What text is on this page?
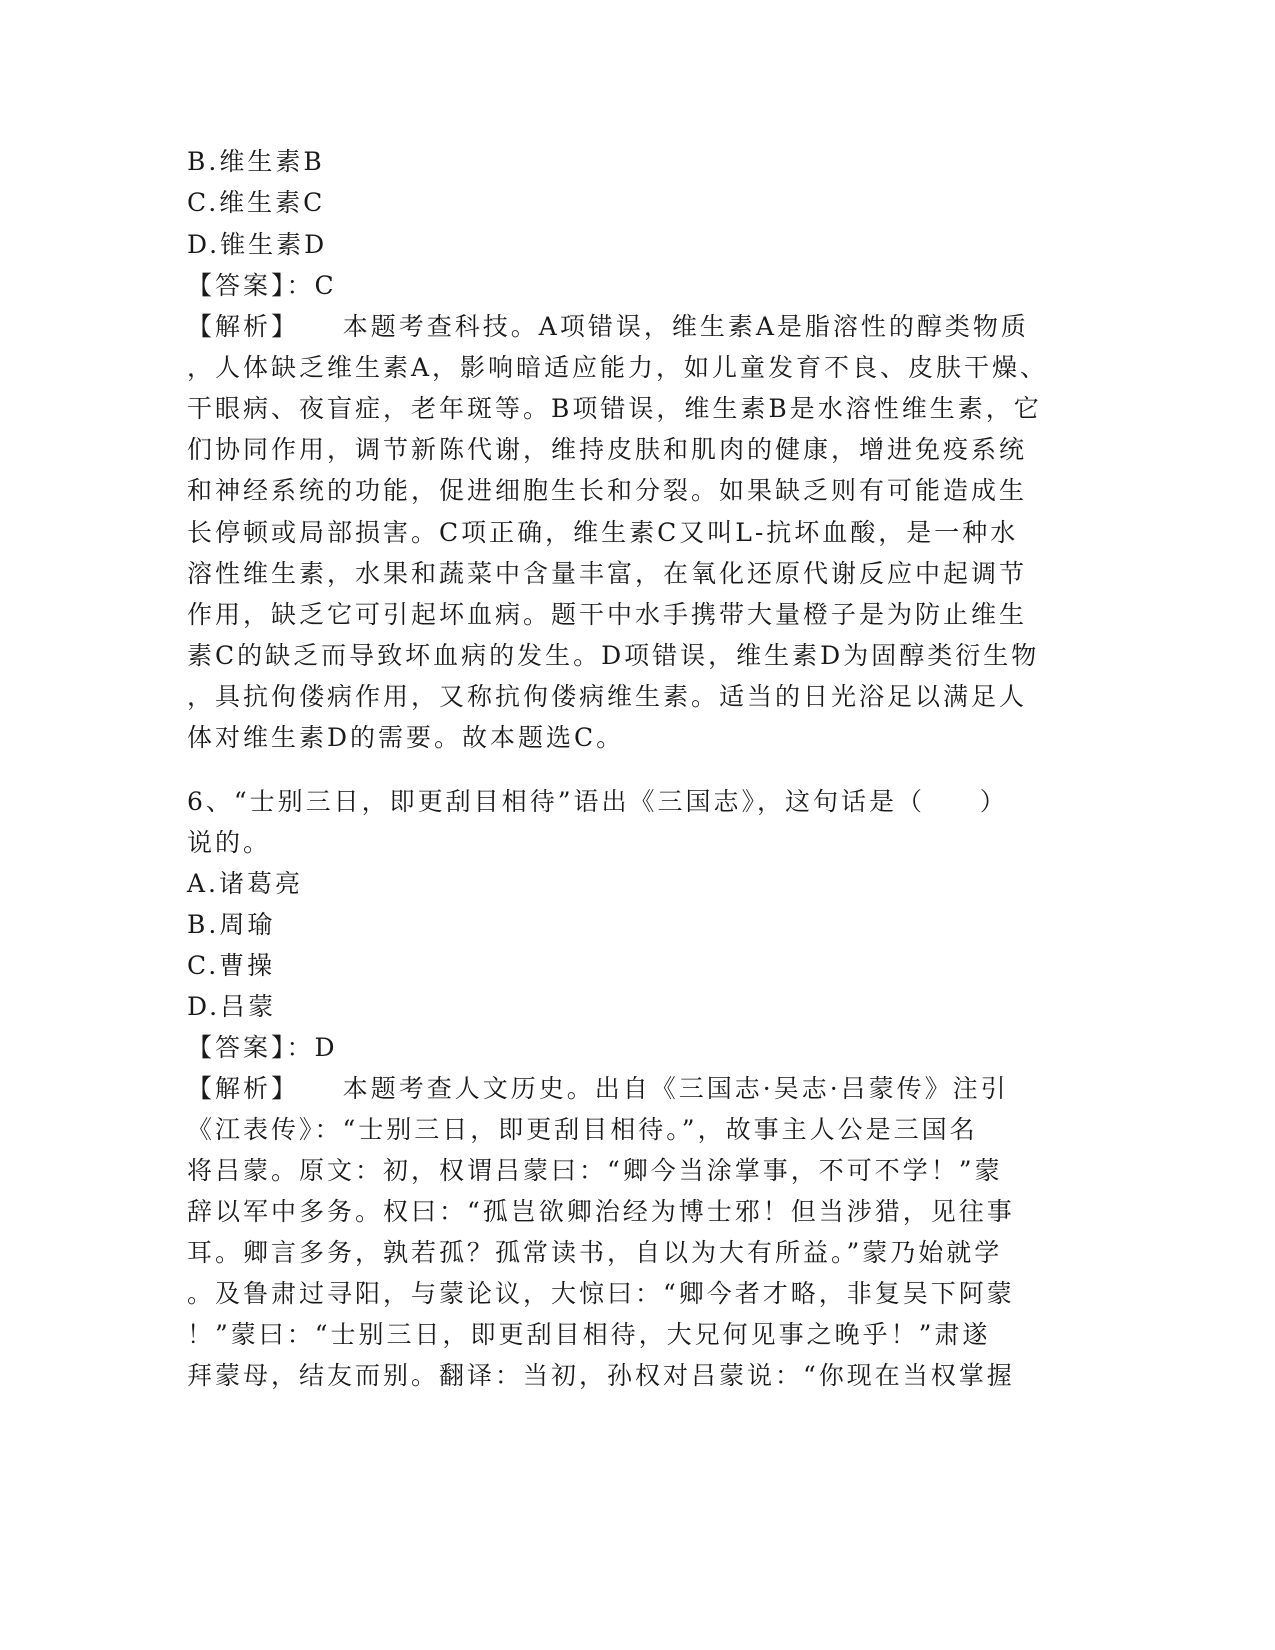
B.维生素B
C.维生素C
D.锥生素D
【答案】：C
【解析】    本题考查科技。A项错误，维生素A是脂溶性的醇类物质
，人体缺乏维生素A，影响暗适应能力，如儿童发育不良、皮肤干燥、
干眼病、夜盲症，老年斑等。B项错误，维生素B是水溶性维生素，它
们协同作用，调节新陈代谢，维持皮肤和肌肉的健康，增进免疫系统
和神经系统的功能，促进细胞生长和分裂。如果缺乏则有可能造成生
长停顿或局部损害。C项正确，维生素C又叫L-抗坏血酸，是一种水
溶性维生素，水果和蔬菜中含量丰富，在氧化还原代谢反应中起调节
作用，缺乏它可引起坏血病。题干中水手携带大量橙子是为防止维生
素C的缺乏而导致坏血病的发生。D项错误，维生素D为固醇类衍生物
，具抗佝偻病作用，又称抗佝偻病维生素。适当的日光浴足以满足人
体对维生素D的需要。故本题选C。
6、“士别三日，即更刮目相待”语出《三国志》，这句话是（     ）
说的。
A.诸葛亮
B.周瑜
C.曹操
D.吕蒙
【答案】：D
【解析】    本题考查人文历史。出自《三国志·吴志·吕蒙传》注引
《江表传》：“士别三日，即更刮目相待。”，故事主人公是三国名
将吕蒙。原文：初，权谓吕蒙曰：“卿今当涂掌事，不可不学！”蒙
辞以军中多务。权曰：“孤岂欲卿治经为博士邪！但当涉猎，见往事
耳。卿言多务，孰若孤？孤常读书，自以为大有所益。”蒙乃始就学
。及鲁肃过寻阳，与蒙论议，大惊曰：“卿今者才略，非复吴下阿蒙
！”蒙曰：“士别三日，即更刮目相待，大兄何见事之晚乎！”肃遂
拜蒙母，结友而别。翻译：当初，孙权对吕蒙说：“你现在当权掌握
